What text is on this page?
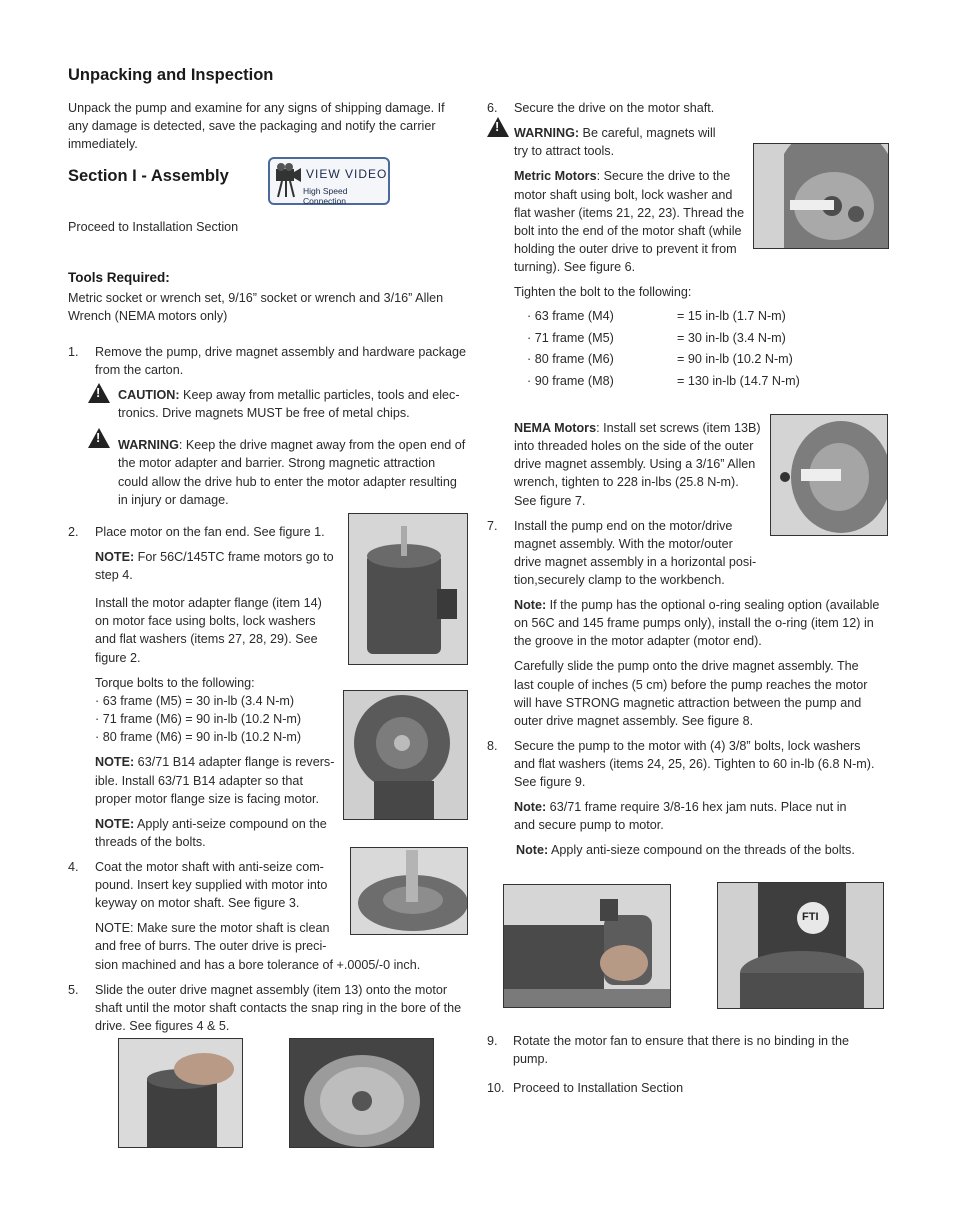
Unpacking and Inspection
Unpack the pump and examine for any signs of shipping damage. If
any damage is detected, save the packaging and notify the carrier
immediately.
Section I - Assembly	VIEW VIDEO
High Speed Connection
Proceed to Installation Section
Tools Required:
Metric socket or wrench set, 9/16” socket or wrench and 3/16” Allen
Wrench (NEMA motors only)
1. Remove the pump, drive magnet assembly and hardware package
from the carton.
! CAUTION: Keep away from metallic particles, tools and elec-
tronics. Drive magnets MUST be free of metal chips.
! WARNING: Keep the drive magnet away from the open end of
the motor adapter and barrier. Strong magnetic attraction
could allow the drive hub to enter the motor adapter resulting
in injury or damage.
2. Place motor on the fan end. See figure 1.
NOTE: For 56C/145TC frame motors go to
step 4.
Install the motor adapter flange (item 14)
on motor face using bolts, lock washers
and flat washers (items 27, 28, 29). See
figure 2.
Torque bolts to the following:
· 63 frame (M5) = 30 in-lb (3.4 N-m)
· 71 frame (M6) = 90 in-lb (10.2 N-m)
· 80 frame (M6) = 90 in-lb (10.2 N-m)
NOTE: 63/71 B14 adapter flange is revers-
ible. Install 63/71 B14 adapter so that
proper motor flange size is facing motor.
NOTE: Apply anti-seize compound on the
threads of the bolts.
4. Coat the motor shaft with anti-seize com-
pound. Insert key supplied with motor into
keyway on motor shaft. See figure 3.
NOTE: Make sure the motor shaft is clean
and free of burrs. The outer drive is preci-
sion machined and has a bore tolerance of +.0005/-0 inch.
5. Slide the outer drive magnet assembly (item 13) onto the motor
shaft until the motor shaft contacts the snap ring in the bore of the
drive. See figures 4 & 5.
6. Secure the drive on the motor shaft.
! WARNING: Be careful, magnets will
try to attract tools.
Metric Motors: Secure the drive to the
motor shaft using bolt, lock washer and
flat washer (items 21, 22, 23). Thread the
bolt into the end of the motor shaft (while
holding the outer drive to prevent it from
turning). See figure 6.
Tighten the bolt to the following:
· 63 frame (M4)	= 15 in-lb (1.7 N-m)
· 71 frame (M5)	= 30 in-lb (3.4 N-m)
· 80 frame (M6)	= 90 in-lb (10.2 N-m)
· 90 frame (M8)	= 130 in-lb (14.7 N-m)
NEMA Motors: Install set screws (item 13B)
into threaded holes on the side of the outer
drive magnet assembly. Using a 3/16” Allen
wrench, tighten to 228 in-lbs (25.8 N-m).
See figure 7.
7. Install the pump end on the motor/drive
magnet assembly. With the motor/outer
drive magnet assembly in a horizontal posi-
tion,securely clamp to the workbench.
Note: If the pump has the optional o-ring sealing option (available
on 56C and 145 frame pumps only), install the o-ring (item 12) in
the groove in the motor adapter (motor end).
Carefully slide the pump onto the drive magnet assembly. The
last couple of inches (5 cm) before the pump reaches the motor
will have STRONG magnetic attraction between the pump and
outer drive magnet assembly. See figure 8.
8. Secure the pump to the motor with (4) 3/8” bolts, lock washers
and flat washers (items 24, 25, 26). Tighten to 60 in-lb (6.8 N-m).
See figure 9.
Note: 63/71 frame require 3/8-16 hex jam nuts. Place nut in
and secure pump to motor.
Note: Apply anti-sieze compound on the threads of the bolts.
9. Rotate the motor fan to ensure that there is no binding in the
pump.
10. Proceed to Installation Section
FTI
